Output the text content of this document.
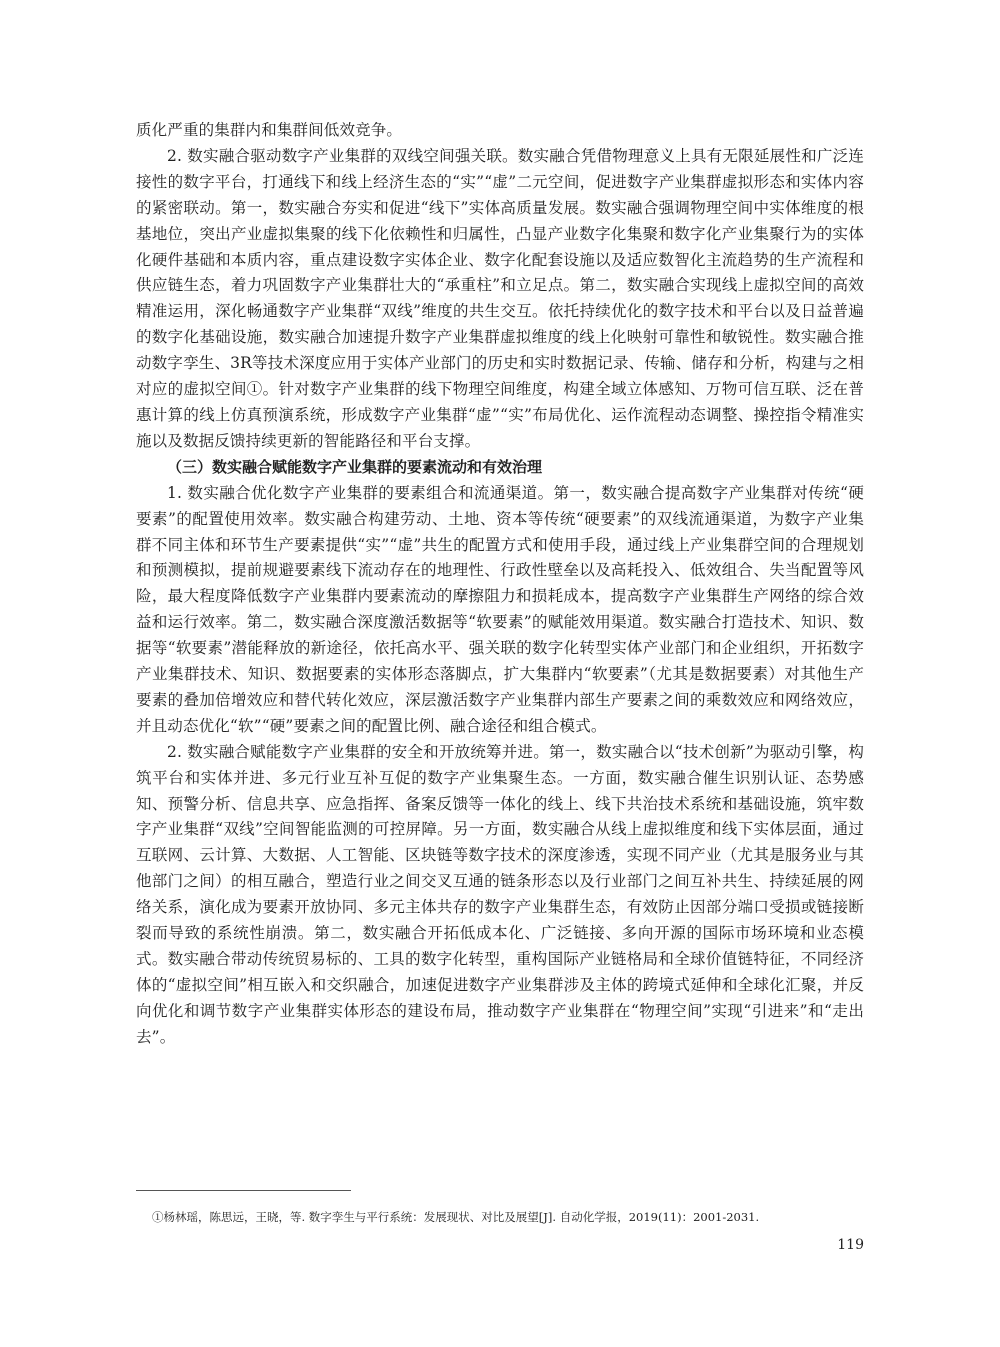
质化严重的集群内和集群间低效竞争。

2. 数实融合驱动数字产业集群的双线空间强关联。数实融合凭借物理意义上具有无限延展性和广泛连接性的数字平台，打通线下和线上经济生态的“实”“虚”二元空间，促进数字产业集群虚拟形态和实体内容的紧密联动。第一，数实融合夯实和促进“线下”实体高质量发展。数实融合强调物理空间中实体维度的根基地位，突出产业虚拟集聚的线下化依赖性和归属性，凸显产业数字化集聚和数字化产业集聚行为的实体化硬件基础和本质内容，重点建设数字实体企业、数字化配套设施以及适应数智化主流趋势的生产流程和供应链生态，着力巩固数字产业集群壮大的“承重柱”和立足点。第二，数实融合实现线上虚拟空间的高效精准运用，深化畅通数字产业集群“双线”维度的共生交互。依托持续优化的数字技术和平台以及日益普遍的数字化基础设施，数实融合加速提升数字产业集群虚拟维度的线上化映射可靠性和敏锐性。数实融合推动数字孪生、3R等技术深度应用于实体产业部门的历史和实时数据记录、传输、储存和分析，构建与之相对应的虚拟空间①。针对数字产业集群的线下物理空间维度，构建全域立体感知、万物可信互联、泛在普惠计算的线上仿真预演系统，形成数字产业集群“虚”“实”布局优化、运作流程动态调整、操控指令精准实施以及数据反馈持续更新的智能路径和平台支撑。

（三）数实融合赋能数字产业集群的要素流动和有效治理

1. 数实融合优化数字产业集群的要素组合和流通渠道。第一，数实融合提高数字产业集群对传统“硬要素”的配置使用效率。数实融合构建劳动、土地、资本等传统“硬要素”的双线流通渠道，为数字产业集群不同主体和环节生产要素提供“实”“虚”共生的配置方式和使用手段，通过线上产业集群空间的合理规划和预测模拟，提前规避要素线下流动存在的地理性、行政性壁垒以及高耗投入、低效组合、失当配置等风险，最大程度降低数字产业集群内要素流动的摩擦阻力和损耗成本，提高数字产业集群生产网络的综合效益和运行效率。第二，数实融合深度激活数据等“软要素”的赋能效用渠道。数实融合打造技术、知识、数据等“软要素”潜能释放的新途径，依托高水平、强关联的数字化转型实体产业部门和企业组织，开拓数字产业集群技术、知识、数据要素的实体形态落脚点，扩大集群内“软要素”（尤其是数据要素）对其他生产要素的叠加倍增效应和替代转化效应，深层激活数字产业集群内部生产要素之间的乘数效应和网络效应，并且动态优化“软”“硬”要素之间的配置比例、融合途径和组合模式。

2. 数实融合赋能数字产业集群的安全和开放统筹并进。第一，数实融合以“技术创新”为驱动引擎，构筑平台和实体并进、多元行业互补互促的数字产业集聚生态。一方面，数实融合催生识别认证、态势感知、预警分析、信息共享、应急指挥、备案反馈等一体化的线上、线下共治技术系统和基础设施，筑牢数字产业集群“双线”空间智能监测的可控屏障。另一方面，数实融合从线上虚拟维度和线下实体层面，通过互联网、云计算、大数据、人工智能、区块链等数字技术的深度渗透，实现不同产业（尤其是服务业与其他部门之间）的相互融合，塑造行业之间交叉互通的链条形态以及行业部门之间互补共生、持续延展的网络关系，演化成为要素开放协同、多元主体共存的数字产业集群生态，有效防止因部分端口受损或链接断裂而导致的系统性崩溃。第二，数实融合开拓低成本化、广泛链接、多向开源的国际市场环境和业态模式。数实融合带动传统贸易标的、工具的数字化转型，重构国际产业链格局和全球价值链特征，不同经济体的“虚拟空间”相互嵌入和交织融合，加速促进数字产业集群涉及主体的跨境式延伸和全球化汇聚，并反向优化和调节数字产业集群实体形态的建设布局，推动数字产业集群在“物理空间”实现“引进来”和“走出去”。

①杨林瑶，陈思远，王晓，等. 数字孪生与平行系统：发展现状、对比及展望[J]. 自动化学报，2019(11)：2001-2031.

119
